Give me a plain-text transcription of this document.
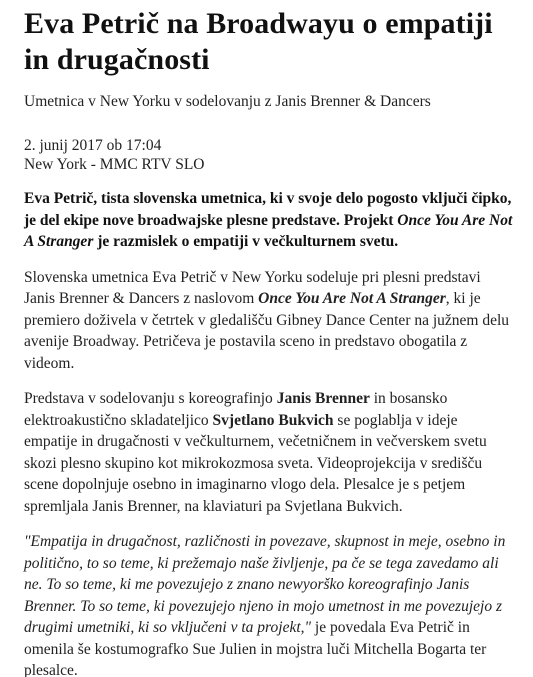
Eva Petrič na Broadwayu o empatiji in drugačnosti

Umetnica v New Yorku v sodelovanju z Janis Brenner & Dancers

2. junij 2017 ob 17:04
New York - MMC RTV SLO

Eva Petrič, tista slovenska umetnica, ki v svoje delo pogosto vključi čipko, je del ekipe nove broadwajske plesne predstave. Projekt Once You Are Not A Stranger je razmislek o empatiji v večkulturnem svetu.

Slovenska umetnica Eva Petrič v New Yorku sodeluje pri plesni predstavi Janis Brenner & Dancers z naslovom Once You Are Not A Stranger, ki je premiero doživela v četrtek v gledališču Gibney Dance Center na južnem delu avenije Broadway. Petričeva je postavila sceno in predstavo obogatila z videom.

Predstava v sodelovanju s koreografinjo Janis Brenner in bosansko elektroakustično skladateljico Svjetlano Bukvich se poglablja v ideje empatije in drugačnosti v večkulturnem, večetničnem in večverskem svetu skozi plesno skupino kot mikrokozmosa sveta. Videoprojekcija v središču scene dopolnjuje osebno in imaginarno vlogo dela. Plesalce je s petjem spremljala Janis Brenner, na klaviaturi pa Svjetlana Bukvich.

"Empatija in drugačnost, različnosti in povezave, skupnost in meje, osebno in politično, to so teme, ki prežemajo naše življenje, pa če se tega zavedamo ali ne. To so teme, ki me povezujejo z znano newyorško koreografinjo Janis Brenner. To so teme, ki povezujejo njeno in mojo umetnost in me povezujejo z drugimi umetniki, ki so vključeni v ta projekt," je povedala Eva Petrič in omenila še kostumografko Sue Julien in mojstra luči Mitchella Bogarta ter plesalce.
